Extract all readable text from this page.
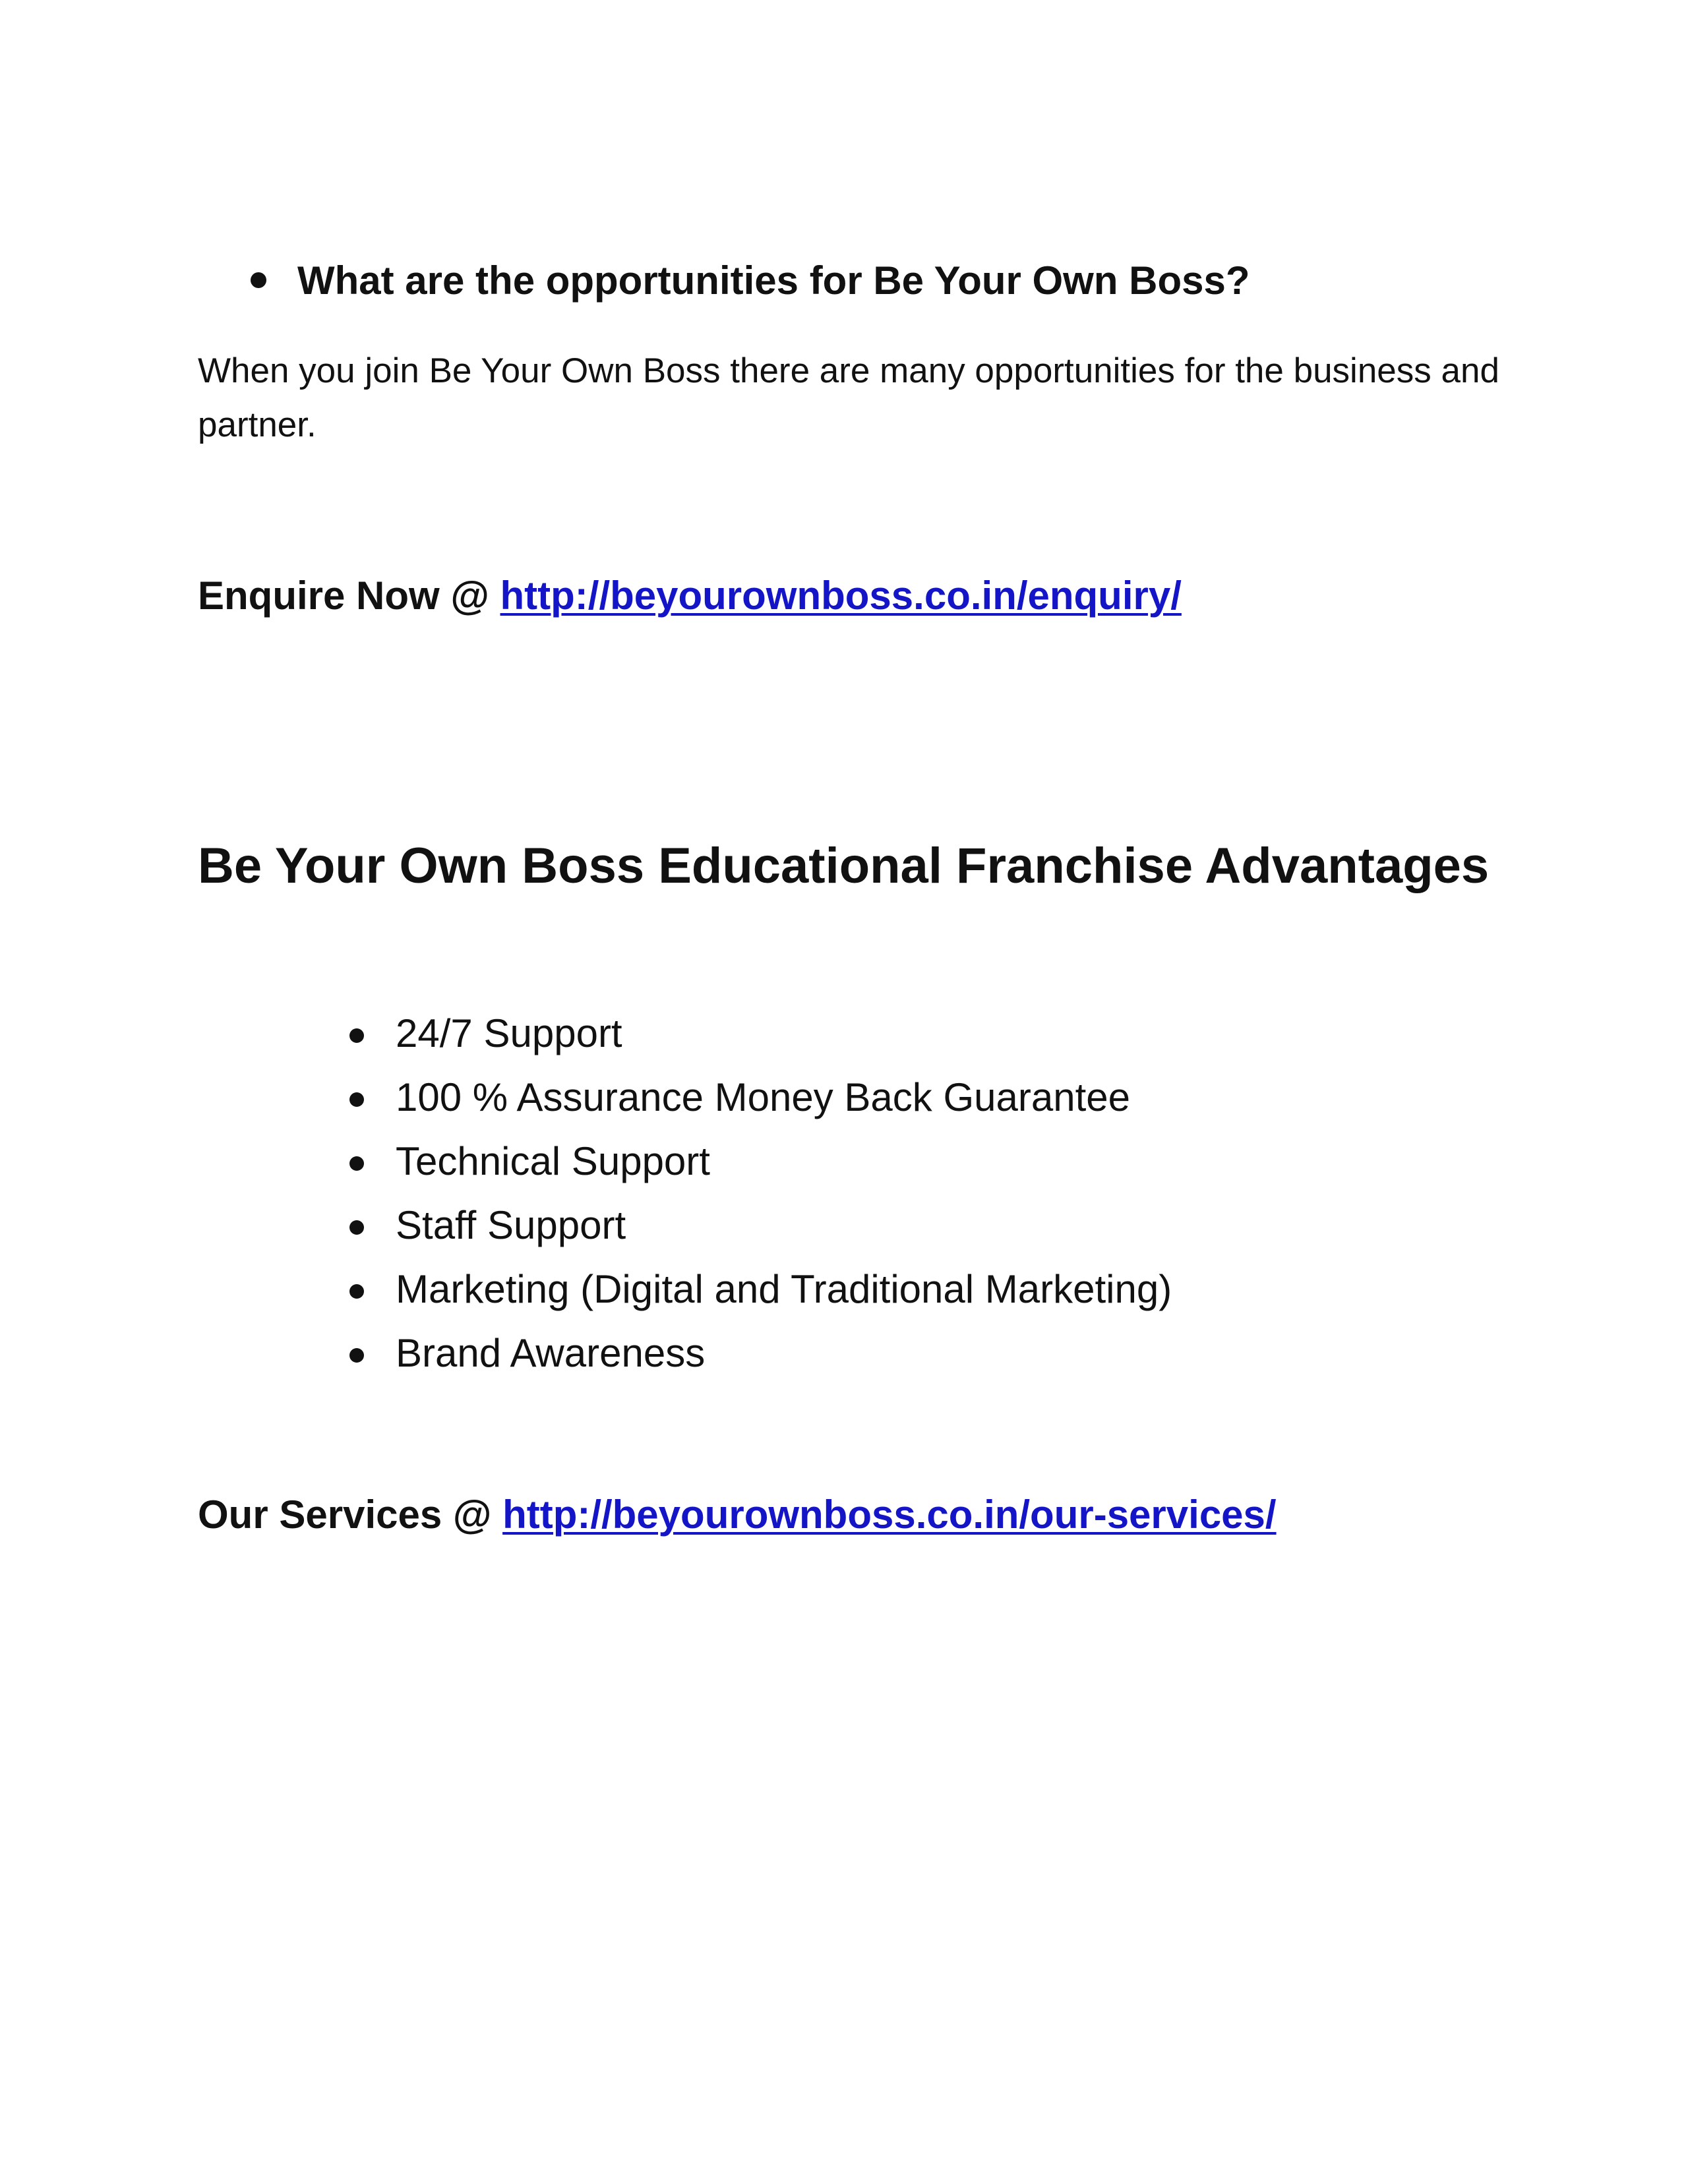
What are the opportunities for Be Your Own Boss?

When you join Be Your Own Boss there are many opportunities for the business and partner.

Enquire Now @ http://beyourownboss.co.in/enquiry/

Be Your Own Boss Educational Franchise Advantages
24/7 Support
100 % Assurance Money Back Guarantee
Technical Support
Staff Support
Marketing (Digital and Traditional Marketing)
Brand Awareness

Our Services @ http://beyourownboss.co.in/our-services/
